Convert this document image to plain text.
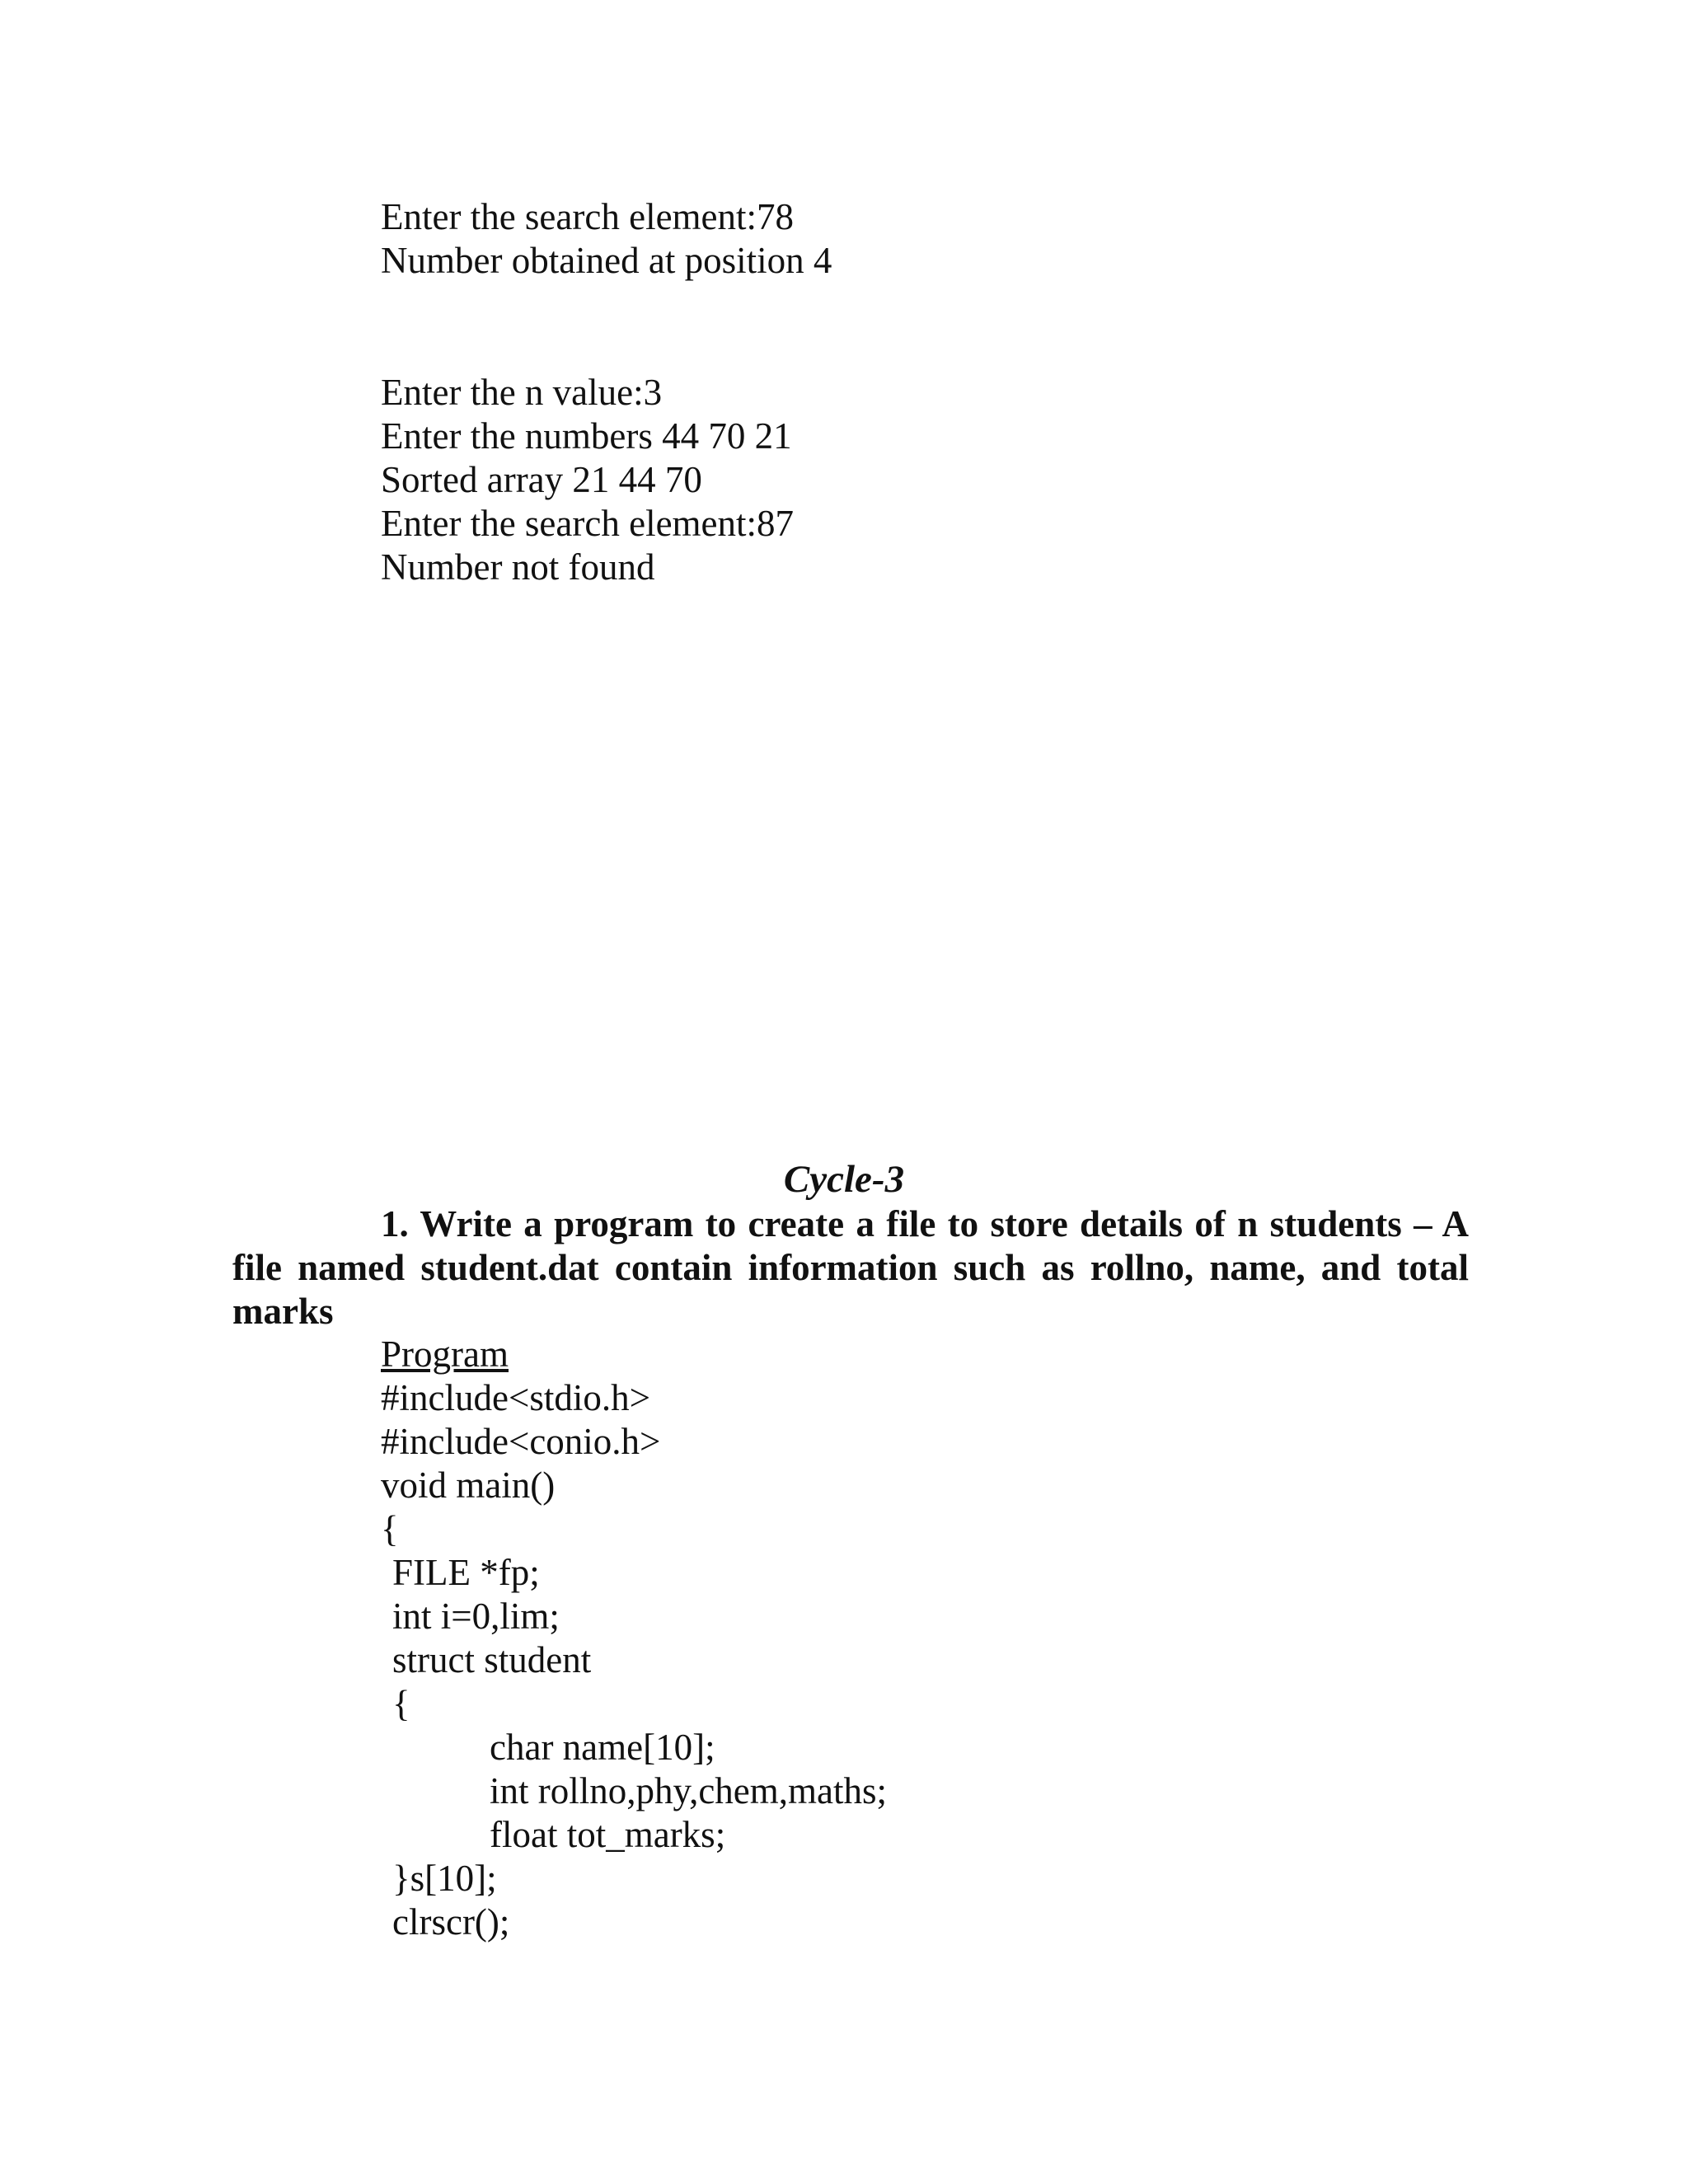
Enter the search element:78
Number obtained at position 4
Enter the n value:3
Enter the numbers 44 70 21
Sorted array 21 44 70
Enter the search element:87
Number not found
Cycle-3
1. Write a program to create a file to store details of n students – A file named student.dat contain information such as rollno, name, and total marks
Program
#include<stdio.h>
#include<conio.h>
void main()
{
FILE *fp;
int i=0,lim;
struct student
{
char name[10];
int rollno,phy,chem,maths;
float tot_marks;
}s[10];
clrscr();
